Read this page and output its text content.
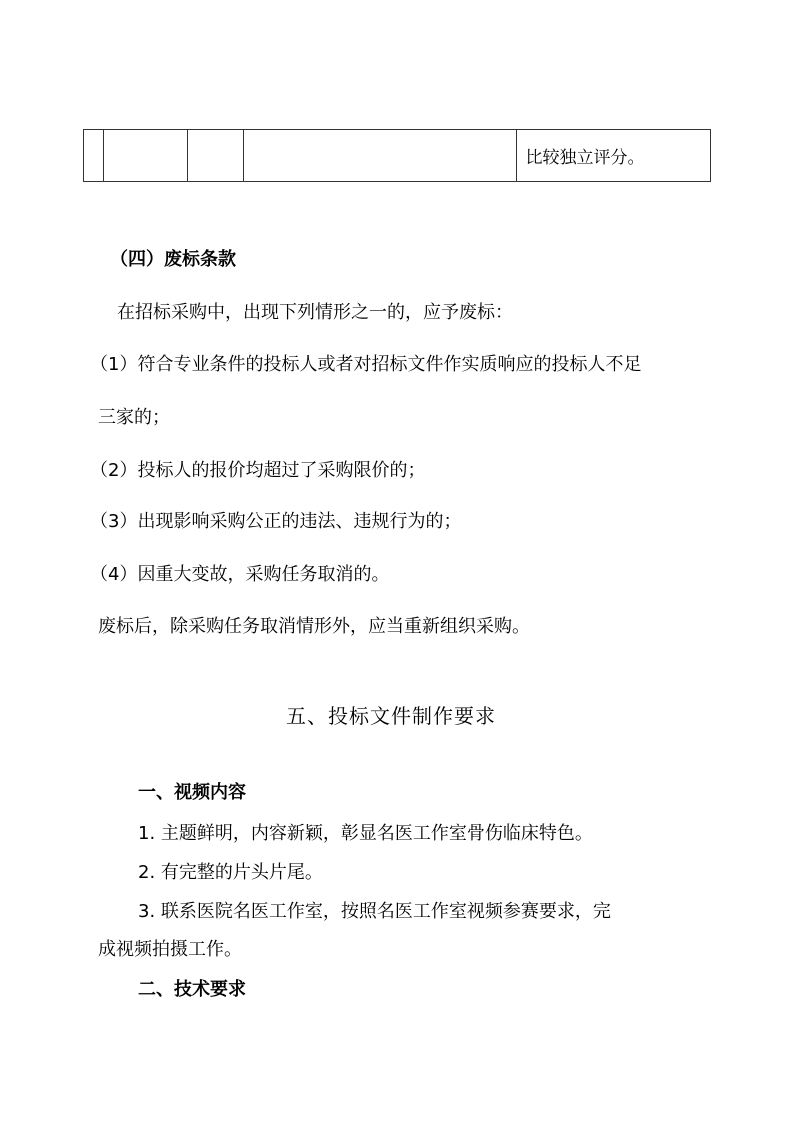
				比较独立评分。
（四）废标条款
在招标采购中，出现下列情形之一的，应予废标：
（1）符合专业条件的投标人或者对招标文件作实质响应的投标人不足
三家的；
（2）投标人的报价均超过了采购限价的；
（3）出现影响采购公正的违法、违规行为的；
（4）因重大变故，采购任务取消的。
废标后，除采购任务取消情形外，应当重新组织采购。
五、投标文件制作要求
一、视频内容
1. 主题鲜明，内容新颖，彰显名医工作室骨伤临床特色。
2. 有完整的片头片尾。
3. 联系医院名医工作室，按照名医工作室视频参赛要求，完
成视频拍摄工作。
二、技术要求
